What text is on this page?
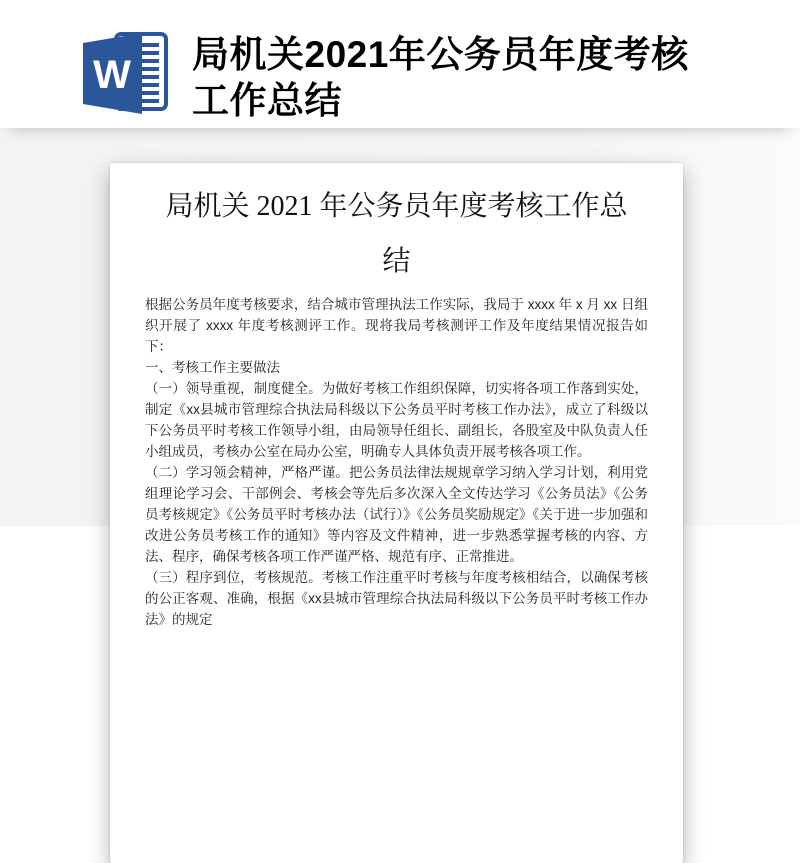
W 局机关2021年公务员年度考核工作总结
局机关 2021 年公务员年度考核工作总结

根据公务员年度考核要求，结合城市管理执法工作实际，我局于 xxxx 年 x 月 xx 日组织开展了 xxxx 年度考核测评工作。现将我局考核测评工作及年度结果情况报告如下：

一、考核工作主要做法

（一）领导重视，制度健全。为做好考核工作组织保障，切实将各项工作落到实处，制定《xx县城市管理综合执法局科级以下公务员平时考核工作办法》，成立了科级以下公务员平时考核工作领导小组，由局领导任组长、副组长，各股室及中队负责人任小组成员，考核办公室在局办公室，明确专人具体负责开展考核各项工作。

（二）学习领会精神，严格严谨。把公务员法律法规规章学习纳入学习计划，利用党组理论学习会、干部例会、考核会等先后多次深入全文传达学习《公务员法》《公务员考核规定》《公务员平时考核办法（试行）》《公务员奖励规定》《关于进一步加强和改进公务员考核工作的通知》等内容及文件精神，进一步熟悉掌握考核的内容、方法、程序，确保考核各项工作严谨严格、规范有序、正常推进。

（三）程序到位，考核规范。考核工作注重平时考核与年度考核相结合，以确保考核的公正客观、准确，根据《xx县城市管理综合执法局科级以下公务员平时考核工作办法》的规定
